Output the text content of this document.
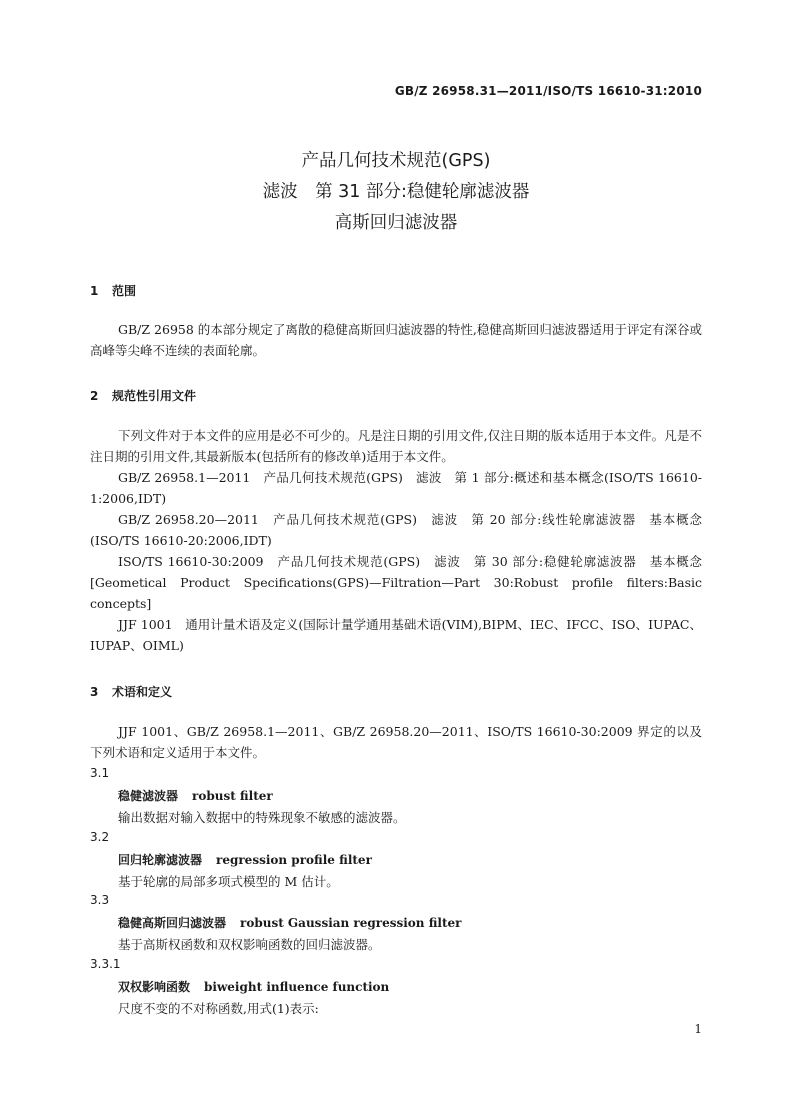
GB/Z 26958.31—2011/ISO/TS 16610-31:2010
产品几何技术规范(GPS)
滤波　第 31 部分:稳健轮廓滤波器
高斯回归滤波器
1 范围

GB/Z 26958 的本部分规定了离散的稳健高斯回归滤波器的特性,稳健高斯回归滤波器适用于评定有深谷或高峰等尖峰不连续的表面轮廓。

2 规范性引用文件

下列文件对于本文件的应用是必不可少的。凡是注日期的引用文件,仅注日期的版本适用于本文件。凡是不注日期的引用文件,其最新版本(包括所有的修改单)适用于本文件。

GB/Z 26958.1—2011　产品几何技术规范(GPS)　滤波　第 1 部分:概述和基本概念(ISO/TS 16610-1:2006,IDT)

GB/Z 26958.20—2011　产品几何技术规范(GPS)　滤波　第 20 部分:线性轮廓滤波器　基本概念(ISO/TS 16610-20:2006,IDT)

ISO/TS 16610-30:2009　产品几何技术规范(GPS)　滤波　第 30 部分:稳健轮廓滤波器　基本概念[Geometical Product Specifications(GPS)—Filtration—Part 30:Robust profile filters:Basic concepts]

JJF 1001　通用计量术语及定义(国际计量学通用基础术语(VIM),BIPM、IEC、IFCC、ISO、IUPAC、IUPAP、OIML)

3 术语和定义

JJF 1001、GB/Z 26958.1—2011、GB/Z 26958.20—2011、ISO/TS 16610-30:2009 界定的以及下列术语和定义适用于本文件。

3.1
稳健滤波器 robust filter
输出数据对输入数据中的特殊现象不敏感的滤波器。
3.2
回归轮廓滤波器 regression profile filter
基于轮廓的局部多项式模型的 M 估计。
3.3
稳健高斯回归滤波器 robust Gaussian regression filter
基于高斯权函数和双权影响函数的回归滤波器。
3.3.1
双权影响函数 biweight influence function
尺度不变的不对称函数,用式(1)表示:
1
